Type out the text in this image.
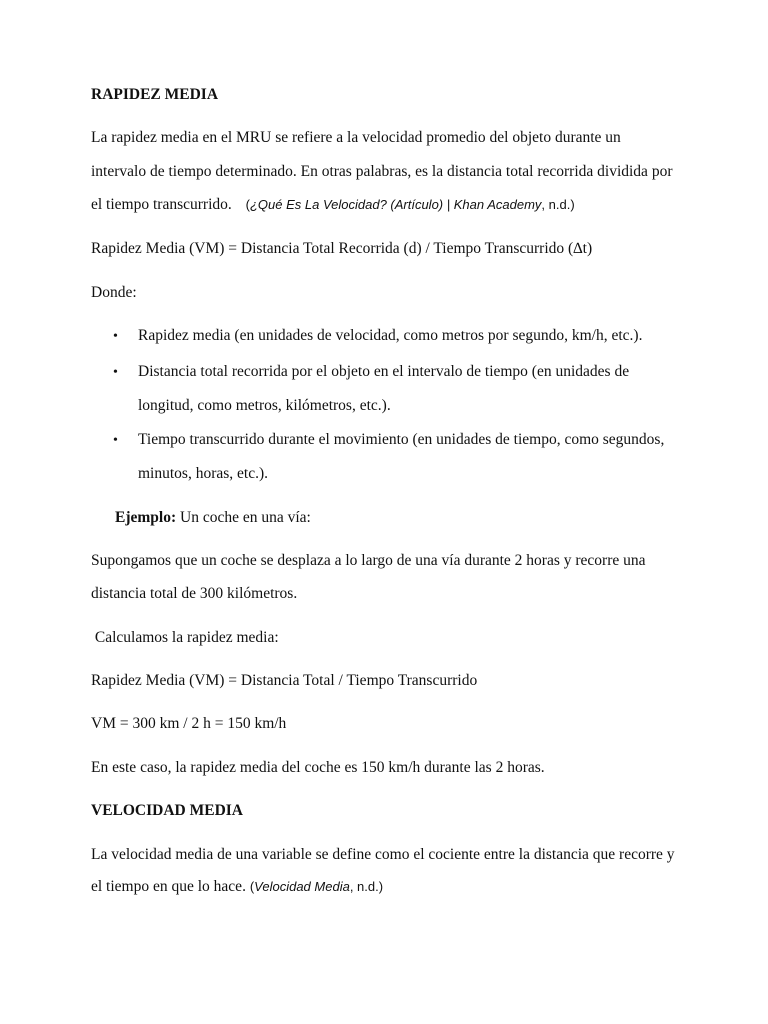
RAPIDEZ MEDIA
La rapidez media en el MRU se refiere a la velocidad promedio del objeto durante un
intervalo de tiempo determinado. En otras palabras, es la distancia total recorrida dividida por
el tiempo transcurrido. (¿Qué Es La Velocidad? (Artículo) | Khan Academy, n.d.)
Rapidez Media (VM) = Distancia Total Recorrida (d) / Tiempo Transcurrido (∆t)
Donde:
• Rapidez media (en unidades de velocidad, como metros por segundo, km/h, etc.).
• Distancia total recorrida por el objeto en el intervalo de tiempo (en unidades de
longitud, como metros, kilómetros, etc.).
• Tiempo transcurrido durante el movimiento (en unidades de tiempo, como segundos,
minutos, horas, etc.).
Ejemplo: Un coche en una vía:
Supongamos que un coche se desplaza a lo largo de una vía durante 2 horas y recorre una
distancia total de 300 kilómetros.
Calculamos la rapidez media:
Rapidez Media (VM) = Distancia Total / Tiempo Transcurrido
VM = 300 km / 2 h = 150 km/h
En este caso, la rapidez media del coche es 150 km/h durante las 2 horas.
VELOCIDAD MEDIA
La velocidad media de una variable se define como el cociente entre la distancia que recorre y
el tiempo en que lo hace. (Velocidad Media, n.d.)
